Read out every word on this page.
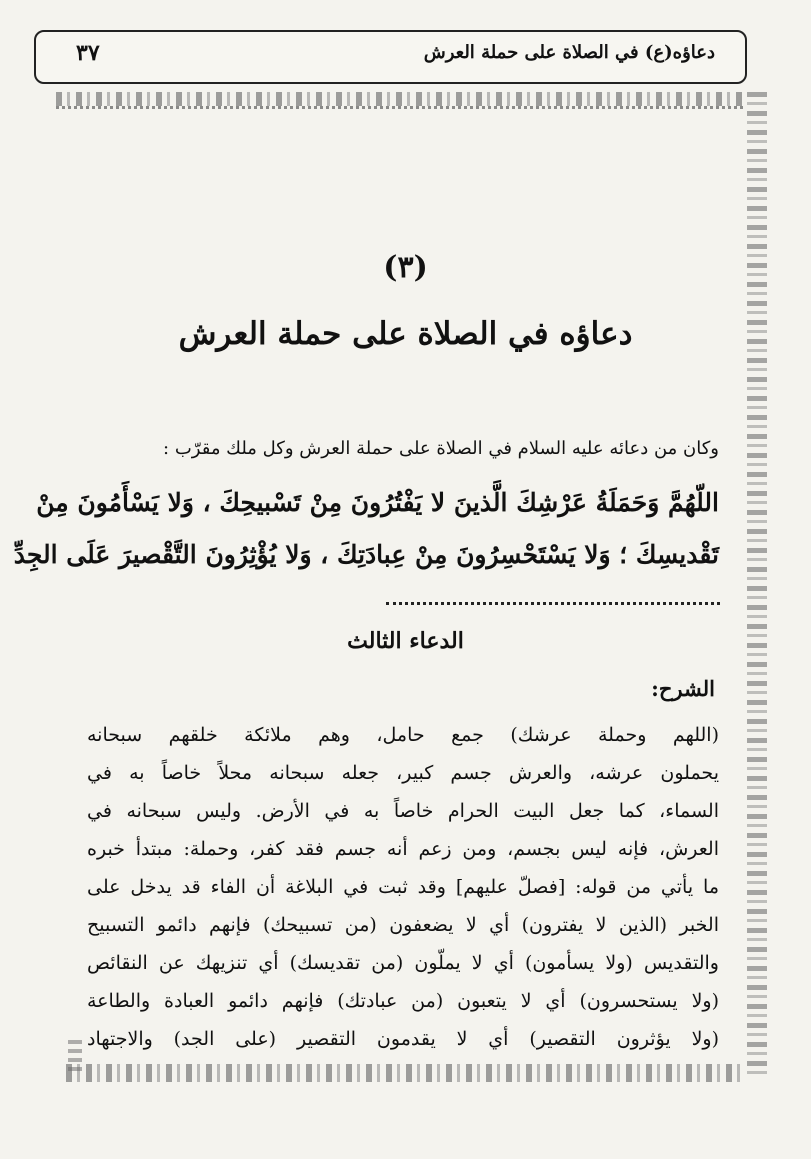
دعاؤه(ع) في الصلاة على حملة العرش
٣٧
(٣)
دعاؤه في الصلاة على حملة العرش
وكان من دعائه عليه السلام في الصلاة على حملة العرش وكل ملك مقرّب :
اللّهُمَّ وَحَمَلَةُ عَرْشِكَ الَّذينَ لا يَفْتُرُونَ مِنْ تَسْبيحِكَ ، وَلا يَسْأَمُونَ مِنْ
تَقْديسِكَ ؛ وَلا يَسْتَحْسِرُونَ مِنْ عِبادَتِكَ ، وَلا يُؤْثِرُونَ التَّقْصيرَ عَلَى الجِدِّ
الدعاء الثالث
الشرح:
(اللهم وحملة عرشك) جمع حامل، وهم ملائكة خلقهم سبحانه
يحملون عرشه، والعرش جسم كبير، جعله سبحانه محلاً خاصاً به في
السماء، كما جعل البيت الحرام خاصاً به في الأرض. وليس سبحانه في
العرش، فإنه ليس بجسم، ومن زعم أنه جسم فقد كفر، وحملة: مبتدأ خبره
ما يأتي من قوله: [فصلّ عليهم] وقد ثبت في البلاغة أن الفاء قد يدخل على
الخبر (الذين لا يفترون) أي لا يضعفون (من تسبيحك) فإنهم دائمو التسبيح
والتقديس (ولا يسأمون) أي لا يملّون (من تقديسك) أي تنزيهك عن النقائص
(ولا يستحسرون) أي لا يتعبون (من عبادتك) فإنهم دائمو العبادة والطاعة
(ولا يؤثرون التقصير) أي لا يقدمون التقصير (على الجد) والاجتهاد
